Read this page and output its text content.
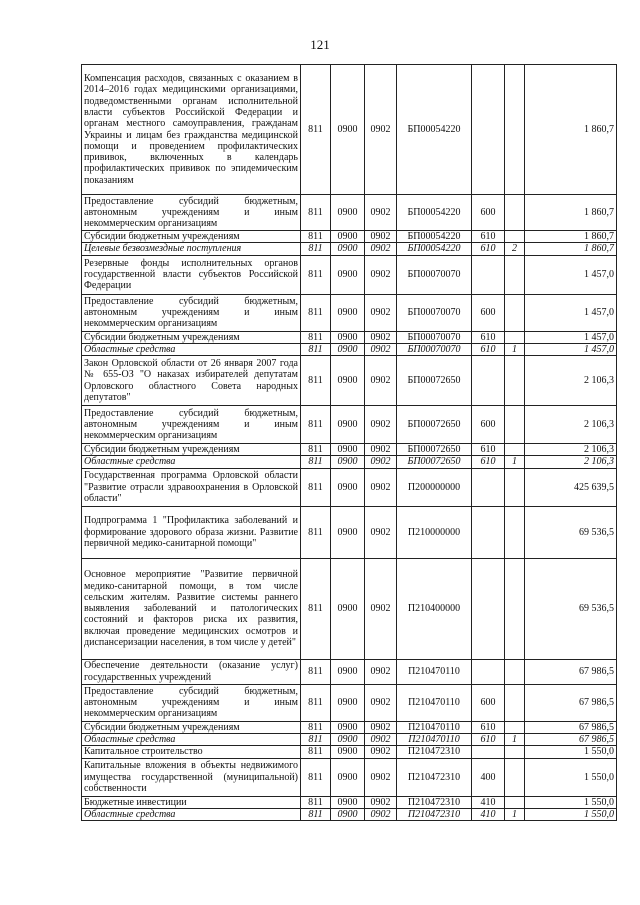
121
Компенсация расходов, связанных с оказанием в 2014–2016 годах медицинскими организациями, подведомственными органам исполнительной власти субъектов Российской Федерации и органам местного самоуправления, гражданам Украины и лицам без гражданства медицинской помощи и проведением профилактических прививок, включенных в календарь профилактических прививок по эпидемическим показаниям	811	0900	0902	БП00054220			1 860,7
Предоставление субсидий бюджетным, автономным учреждениям и иным некоммерческим организациям	811	0900	0902	БП00054220	600		1 860,7
Субсидии бюджетным учреждениям	811	0900	0902	БП00054220	610		1 860,7
Целевые безвозмездные поступления	811	0900	0902	БП00054220	610	2	1 860,7
Резервные фонды исполнительных органов государственной власти субъектов Российской Федерации	811	0900	0902	БП00070070			1 457,0
Предоставление субсидий бюджетным, автономным учреждениям и иным некоммерческим организациям	811	0900	0902	БП00070070	600		1 457,0
Субсидии бюджетным учреждениям	811	0900	0902	БП00070070	610		1 457,0
Областные средства	811	0900	0902	БП00070070	610	1	1 457,0
Закон Орловской области от 26 января 2007 года № 655-ОЗ "О наказах избирателей депутатам Орловского областного Совета народных депутатов"	811	0900	0902	БП00072650			2 106,3
Предоставление субсидий бюджетным, автономным учреждениям и иным некоммерческим организациям	811	0900	0902	БП00072650	600		2 106,3
Субсидии бюджетным учреждениям	811	0900	0902	БП00072650	610		2 106,3
Областные средства	811	0900	0902	БП00072650	610	1	2 106,3
Государственная программа Орловской области "Развитие отрасли здравоохранения в Орловской области"	811	0900	0902	П200000000			425 639,5
Подпрограмма 1 "Профилактика заболеваний и формирование здорового образа жизни. Развитие первичной медико-санитарной помощи"	811	0900	0902	П210000000			69 536,5
Основное мероприятие "Развитие первичной медико-санитарной помощи, в том числе сельским жителям. Развитие системы раннего выявления заболеваний и патологических состояний и факторов риска их развития, включая проведение медицинских осмотров и диспансеризации населения, в том числе у детей"	811	0900	0902	П210400000			69 536,5
Обеспечение деятельности (оказание услуг) государственных учреждений	811	0900	0902	П210470110			67 986,5
Предоставление субсидий бюджетным, автономным учреждениям и иным некоммерческим организациям	811	0900	0902	П210470110	600		67 986,5
Субсидии бюджетным учреждениям	811	0900	0902	П210470110	610		67 986,5
Областные средства	811	0900	0902	П210470110	610	1	67 986,5
Капитальное строительство	811	0900	0902	П210472310			1 550,0
Капитальные вложения в объекты недвижимого имущества государственной (муниципальной) собственности	811	0900	0902	П210472310	400		1 550,0
Бюджетные инвестиции	811	0900	0902	П210472310	410		1 550,0
Областные средства	811	0900	0902	П210472310	410	1	1 550,0
